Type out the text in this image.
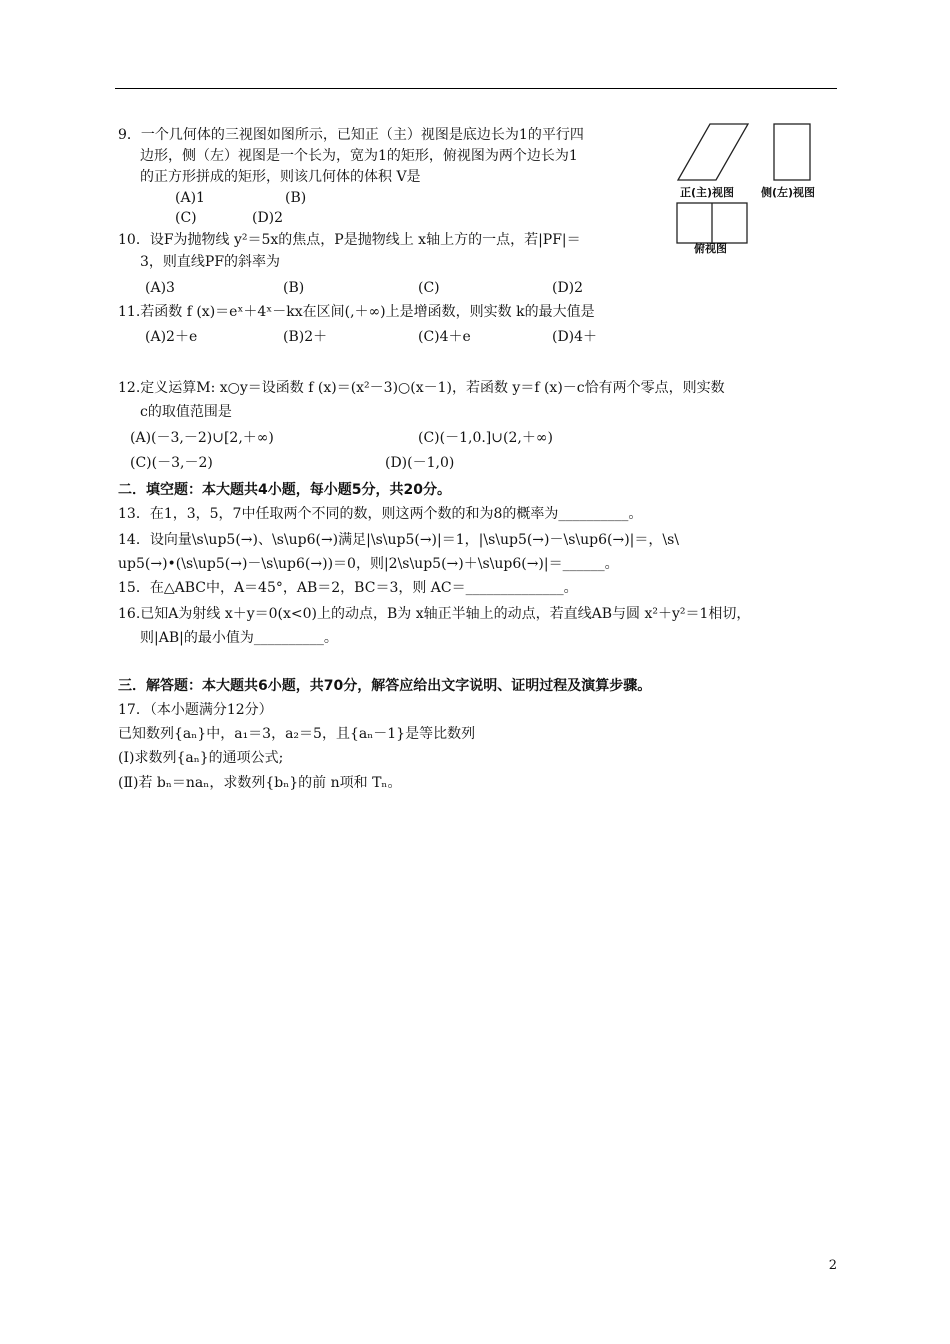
9．一个几何体的三视图如图所示，已知正（主）视图是底边长为1的平行四
边形，侧（左）视图是一个长为，宽为1的矩形，俯视图为两个边长为1
的正方形拼成的矩形，则该几何体的体积 V是
(A)1	(B)
(C)	(D)2
正(主)视图 侧(左)视图
俯视图
10．设F为抛物线 y²＝5x的焦点，P是抛物线上 x轴上方的一点，若|PF|＝
3，则直线PF的斜率为
(A)3	(B)	(C)	(D)2
11.若函数 f (x)＝eˣ＋4ˣ－kx在区间(,＋∞)上是增函数，则实数 k的最大值是
(A)2＋e	(B)2＋	(C)4＋e	(D)4＋
12.定义运算M: x○y＝设函数 f (x)＝(x²－3)○(x－1)，若函数 y＝f (x)－c恰有两个零点，则实数
c的取值范围是
(A)(－3,－2)∪[2,＋∞)	(C)(－1,0.]∪(2,＋∞)
(C)(－3,－2)	(D)(－1,0)
二．填空题：本大题共4小题，每小题5分，共20分。
13．在1，3，5，7中任取两个不同的数，则这两个数的和为8的概率为__________。
14．设向量\s\up5(→)、\s\up6(→)满足|\s\up5(→)|＝1，|\s\up5(→)－\s\up6(→)|＝，\s\
up5(→)•(\s\up5(→)－\s\up6(→))＝0，则|2\s\up5(→)＋\s\up6(→)|＝______。
15．在△ABC中，A＝45°，AB＝2，BC＝3，则 AC＝______________。
16.已知A为射线 x＋y＝0(x<0)上的动点，B为 x轴正半轴上的动点，若直线AB与圆 x²＋y²＝1相切，
则|AB|的最小值为__________。
三．解答题：本大题共6小题，共70分，解答应给出文字说明、证明过程及演算步骤。
17．（本小题满分12分）
已知数列{aₙ}中，a₁＝3，a₂＝5，且{aₙ－1}是等比数列
(Ⅰ)求数列{aₙ}的通项公式;
(Ⅱ)若 bₙ＝naₙ，求数列{bₙ}的前 n项和 Tₙ。
2
